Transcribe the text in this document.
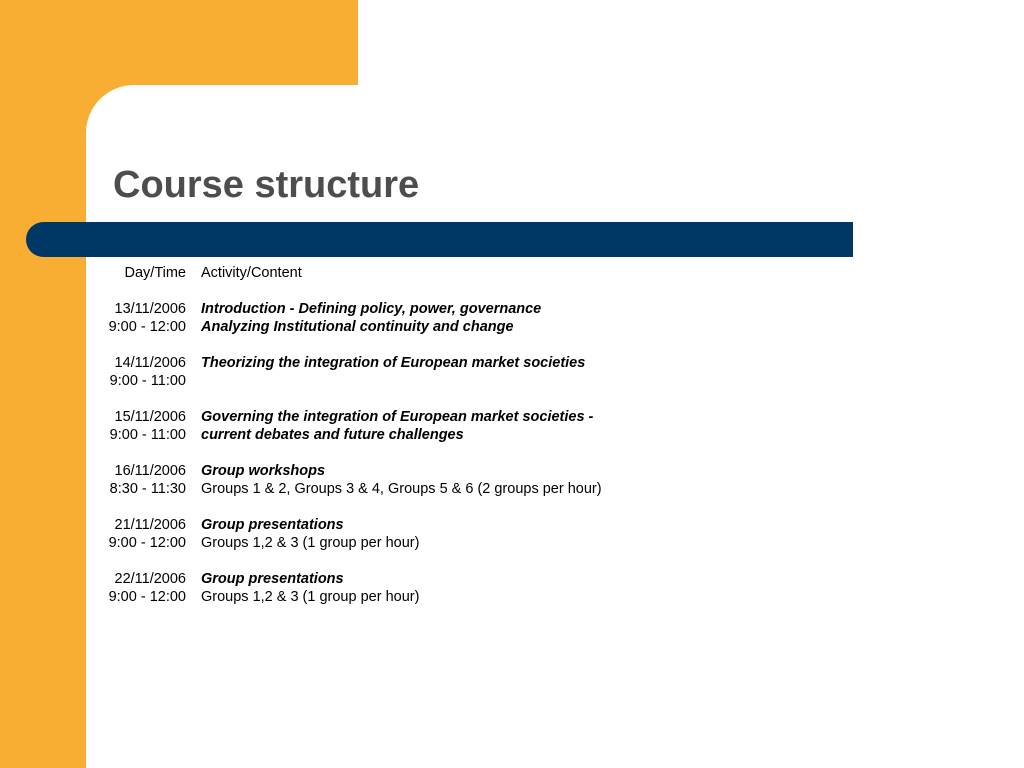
Course structure
Day/Time	Activity/Content
13/11/2006	Introduction - Defining policy, power, governance
9:00 - 12:00	Analyzing Institutional continuity and change
14/11/2006	Theorizing the integration of European market societies
9:00 - 11:00
15/11/2006	Governing the integration of European market societies -
9:00 - 11:00	current debates and future challenges
16/11/2006	Group workshops
8:30 - 11:30	Groups 1 & 2, Groups 3 & 4, Groups 5 & 6 (2 groups per hour)
21/11/2006	Group presentations
9:00 - 12:00	Groups 1,2 & 3 (1 group per hour)
22/11/2006	Group presentations
9:00 - 12:00	Groups 1,2 & 3 (1 group per hour)
